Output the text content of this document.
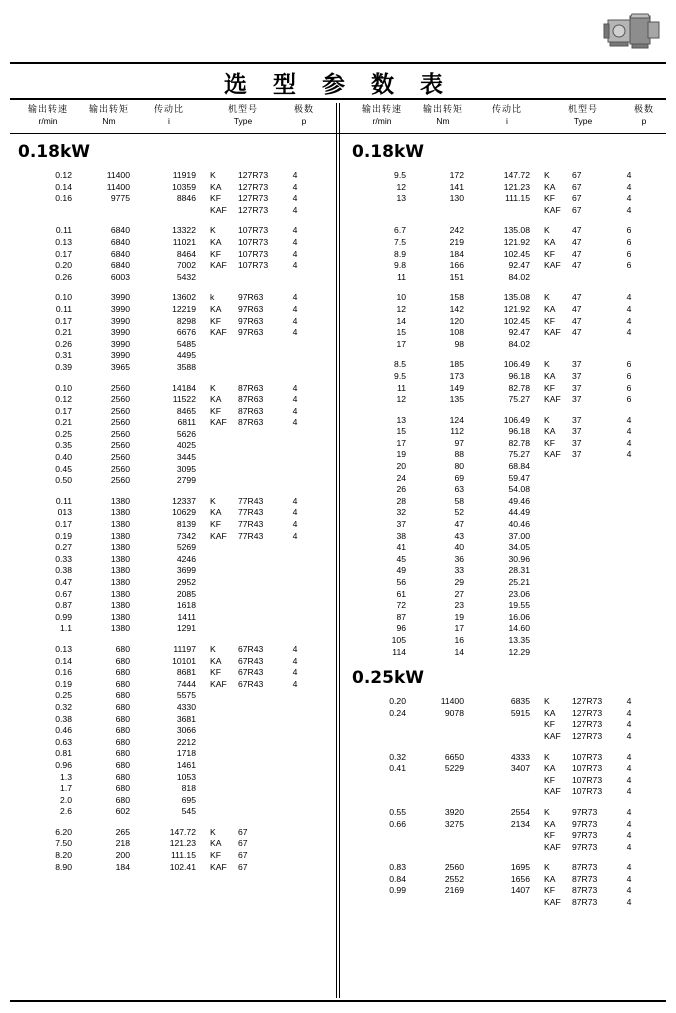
选 型 参 数 表
输出转速
r/min
输出转矩
Nm
传动比
i
机型号
Type
极数
p
输出转速
r/min
输出转矩
Nm
传动比
i
机型号
Type
极数
p
0.18kW
0.12	11400	11919	K	127R73	4
0.14	11400	10359	KA 127R73	4
0.16	9775	8846	KF 127R73	4
KAF 127R73	4
0.11	6840	13322	K	107R73	4
0.13	6840	11021	KA 107R73	4
0.17	6840	8464	KF 107R73	4
0.20	6840	7002	KAF 107R73	4
0.26	6003	5432
0.10	3990	13602	k	97R63	4
0.11	3990	12219	KA 97R63	4
0.17	3990	8298	KF 97R63	4
0.21	3990	6676	KAF 97R63	4
0.26	3990	5485
0.31	3990	4495
0.39	3965	3588
0.10	2560	14184	K	87R63	4
0.12	2560	11522	KA 87R63	4
0.17	2560	8465	KF 87R63	4
0.21	2560	6811	KAF 87R63	4
0.25	2560	5626
0.35	2560	4025
0.40	2560	3445
0.45	2560	3095
0.50	2560	2799
0.11	1380	12337	K	77R43	4
013	1380	10629	KA 77R43	4
0.17	1380	8139	KF 77R43	4
0.19	1380	7342	KAF 77R43	4
0.27	1380	5269
0.33	1380	4246
0.38	1380	3699
0.47	1380	2952
0.67	1380	2085
0.87	1380	1618
0.99	1380	1411
1.1	1380	1291
0.13	680	11197	K	67R43	4
0.14	680	10101	KA 67R43	4
0.16	680	8681	KF 67R43	4
0.19	680	7444	KAF 67R43	4
0.25	680	5575
0.32	680	4330
0.38	680	3681
0.46	680	3066
0.63	680	2212
0.81	680	1718
0.96	680	1461
1.3	680	1053
1.7	680	818
2.0	680	695
2.6	602	545
6.20	265	147.72	K	67
7.50	218	121.23	KA 67
8.20	200	111.15	KF 67
8.90	184	102.41	KAF 67
0.18kW
9.5	172	147.72	K	67	4
12	141	121.23	KA 67	4
13	130	111.15	KF 67	4
KAF 67	4
6.7	242	135.08	K	47	6
7.5	219	121.92	KA 47	6
8.9	184	102.45	KF 47	6
9.8	166	92.47	KAF 47	6
11	151	84.02
10	158	135.08	K	47	4
12	142	121.92	KA 47	4
14	120	102.45	KF 47	4
15	108	92.47	KAF 47	4
17	98	84.02
8.5	185	106.49	K	37	6
9.5	173	96.18	KA 37	6
11	149	82.78	KF 37	6
12	135	75.27	KAF 37	6
13	124	106.49	K	37	4
15	112	96.18	KA 37	4
17	97	82.78	KF 37	4
19	88	75.27	KAF 37	4
20	80	68.84
24	69	59.47
26	63	54.08
28	58	49.46
32	52	44.49
37	47	40.46
38	43	37.00
41	40	34.05
45	36	30.96
49	33	28.31
56	29	25.21
61	27	23.06
72	23	19.55
87	19	16.06
96	17	14.60
105	16	13.35
114	14	12.29
0.25kW
0.20	11400	6835	K	127R73	4
0.24	9078	5915	KA 127R73	4
KF 127R73	4
KAF 127R73	4
0.32	6650	4333	K	107R73	4
0.41	5229	3407	KA 107R73	4
KF 107R73	4
KAF 107R73	4
0.55	3920	2554	K	97R73	4
0.66	3275	2134	KA 97R73	4
KF 97R73	4
KAF 97R73	4
0.83	2560	1695	K	87R73	4
0.84	2552	1656	KA 87R73	4
0.99	2169	1407	KF 87R73	4
KAF 87R73	4
